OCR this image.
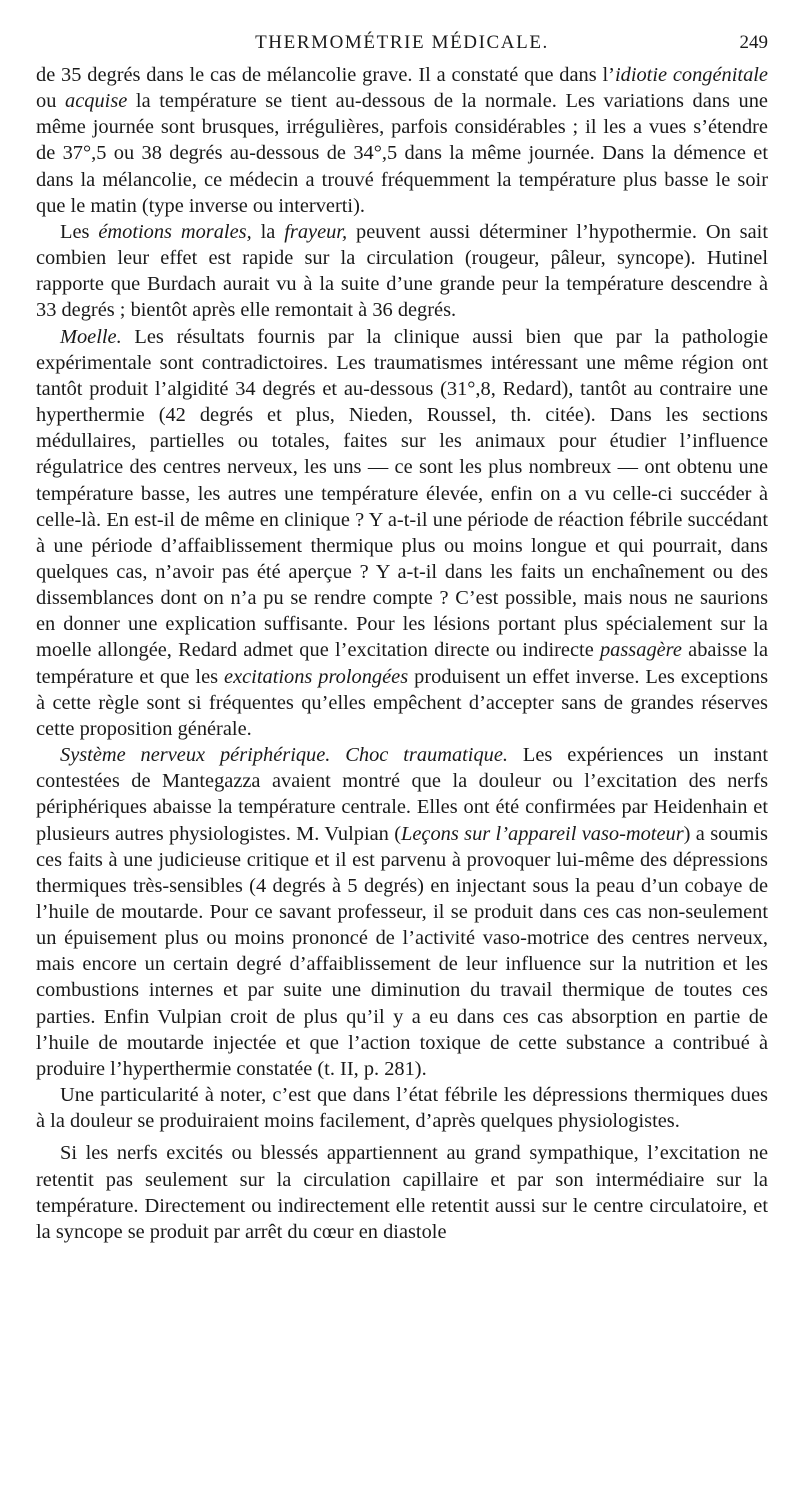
THERMOMÉTRIE MÉDICALE.	249

de 35 degrés dans le cas de mélancolie grave. Il a constaté que dans l’idiotie congénitale ou acquise la température se tient au-dessous de la normale. Les variations dans une même journée sont brusques, irrégulières, parfois considérables ; il les a vues s’étendre de 37°,5 ou 38 degrés au-dessous de 34°,5 dans la même journée. Dans la démence et dans la mélancolie, ce médecin a trouvé fréquemment la température plus basse le soir que le matin (type inverse ou interverti).

Les émotions morales, la frayeur, peuvent aussi déterminer l’hypothermie. On sait combien leur effet est rapide sur la circulation (rougeur, pâleur, syncope). Hutinel rapporte que Burdach aurait vu à la suite d’une grande peur la température descendre à 33 degrés ; bientôt après elle remontait à 36 degrés.

Moelle. Les résultats fournis par la clinique aussi bien que par la pathologie expérimentale sont contradictoires. Les traumatismes intéressant une même région ont tantôt produit l’algidité 34 degrés et au-dessous (31°,8, Redard), tantôt au contraire une hyperthermie (42 degrés et plus, Nieden, Roussel, th. citée). Dans les sections médullaires, partielles ou totales, faites sur les animaux pour étudier l’influence régulatrice des centres nerveux, les uns — ce sont les plus nombreux — ont obtenu une température basse, les autres une température élevée, enfin on a vu celle-ci succéder à celle-là. En est-il de même en clinique ? Y a-t-il une période de réaction fébrile succédant à une période d’affaiblissement thermique plus ou moins longue et qui pourrait, dans quelques cas, n’avoir pas été aperçue ? Y a-t-il dans les faits un enchaînement ou des dissemblances dont on n’a pu se rendre compte ? C’est possible, mais nous ne saurions en donner une explication suffisante. Pour les lésions portant plus spécialement sur la moelle allongée, Redard admet que l’excitation directe ou indirecte passagère abaisse la température et que les excitations prolongées produisent un effet inverse. Les exceptions à cette règle sont si fréquentes qu’elles empêchent d’accepter sans de grandes réserves cette proposition générale.

Système nerveux périphérique. Choc traumatique. Les expériences un instant contestées de Mantegazza avaient montré que la douleur ou l’excitation des nerfs périphériques abaisse la température centrale. Elles ont été confirmées par Heidenhain et plusieurs autres physiologistes. M. Vulpian (Leçons sur l’appareil vaso-moteur) a soumis ces faits à une judicieuse critique et il est parvenu à provoquer lui-même des dépressions thermiques très-sensibles (4 degrés à 5 degrés) en injectant sous la peau d’un cobaye de l’huile de moutarde. Pour ce savant professeur, il se produit dans ces cas non-seulement un épuisement plus ou moins prononcé de l’activité vaso-motrice des centres nerveux, mais encore un certain degré d’affaiblissement de leur influence sur la nutrition et les combustions internes et par suite une diminution du travail thermique de toutes ces parties. Enfin Vulpian croit de plus qu’il y a eu dans ces cas absorption en partie de l’huile de moutarde injectée et que l’action toxique de cette substance a contribué à produire l’hyperthermie constatée (t. II, p. 281).

Une particularité à noter, c’est que dans l’état fébrile les dépressions thermiques dues à la douleur se produiraient moins facilement, d’après quelques physiologistes.

Si les nerfs excités ou blessés appartiennent au grand sympathique, l’excitation ne retentit pas seulement sur la circulation capillaire et par son intermédiaire sur la température. Directement ou indirectement elle retentit aussi sur le centre circulatoire, et la syncope se produit par arrêt du cœur en diastole
